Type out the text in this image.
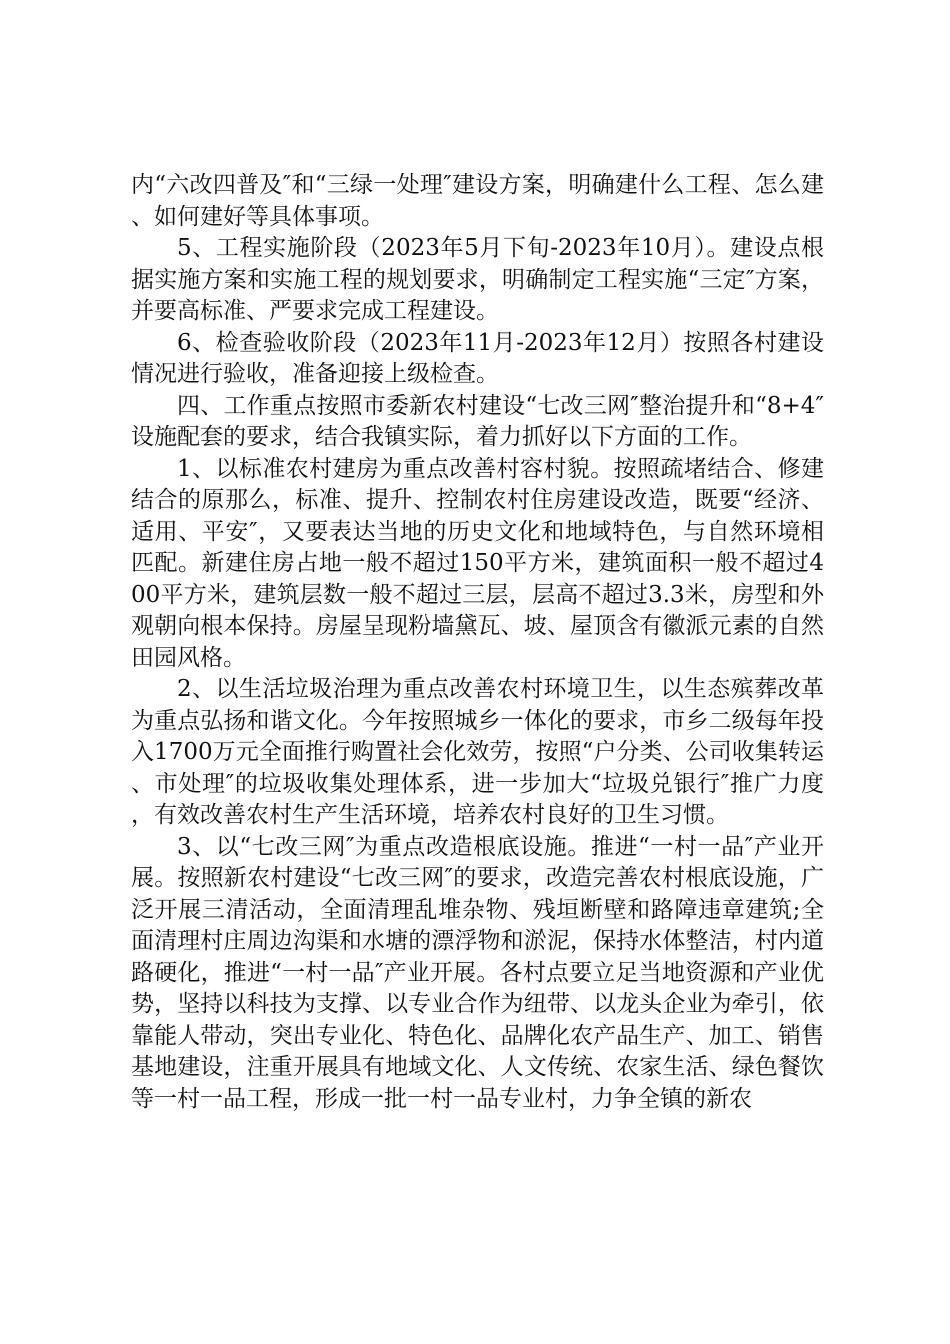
内“六改四普及″和“三绿一处理″建设方案，明确建什么工程、怎么建、如何建好等具体事项。

5、工程实施阶段（2023年5月下旬-2023年10月）。建设点根据实施方案和实施工程的规划要求，明确制定工程实施“三定″方案，并要高标准、严要求完成工程建设。

6、检查验收阶段（2023年11月-2023年12月）按照各村建设情况进行验收，准备迎接上级检查。

四、工作重点按照市委新农村建设“七改三网″整治提升和“8+4″设施配套的要求，结合我镇实际，着力抓好以下方面的工作。

1、以标准农村建房为重点改善村容村貌。按照疏堵结合、修建结合的原那么，标准、提升、控制农村住房建设改造，既要“经济、适用、平安″，又要表达当地的历史文化和地域特色，与自然环境相匹配。新建住房占地一般不超过150平方米，建筑面积一般不超过400平方米，建筑层数一般不超过三层，层高不超过3.3米，房型和外观朝向根本保持。房屋呈现粉墙黛瓦、坡、屋顶含有徽派元素的自然田园风格。

2、以生活垃圾治理为重点改善农村环境卫生，以生态殡葬改革为重点弘扬和谐文化。今年按照城乡一体化的要求，市乡二级每年投入1700万元全面推行购置社会化效劳，按照“户分类、公司收集转运、市处理″的垃圾收集处理体系，进一步加大“垃圾兑银行″推广力度，有效改善农村生产生活环境，培养农村良好的卫生习惯。

3、以“七改三网″为重点改造根底设施。推进“一村一品″产业开展。按照新农村建设“七改三网″的要求，改造完善农村根底设施，广泛开展三清活动，全面清理乱堆杂物、残垣断壁和路障违章建筑;全面清理村庄周边沟渠和水塘的漂浮物和淤泥，保持水体整洁，村内道路硬化，推进“一村一品″产业开展。各村点要立足当地资源和产业优势，坚持以科技为支撑、以专业合作为纽带、以龙头企业为牵引，依靠能人带动，突出专业化、特色化、品牌化农产品生产、加工、销售基地建设，注重开展具有地域文化、人文传统、农家生活、绿色餐饮等一村一品工程，形成一批一村一品专业村，力争全镇的新农
